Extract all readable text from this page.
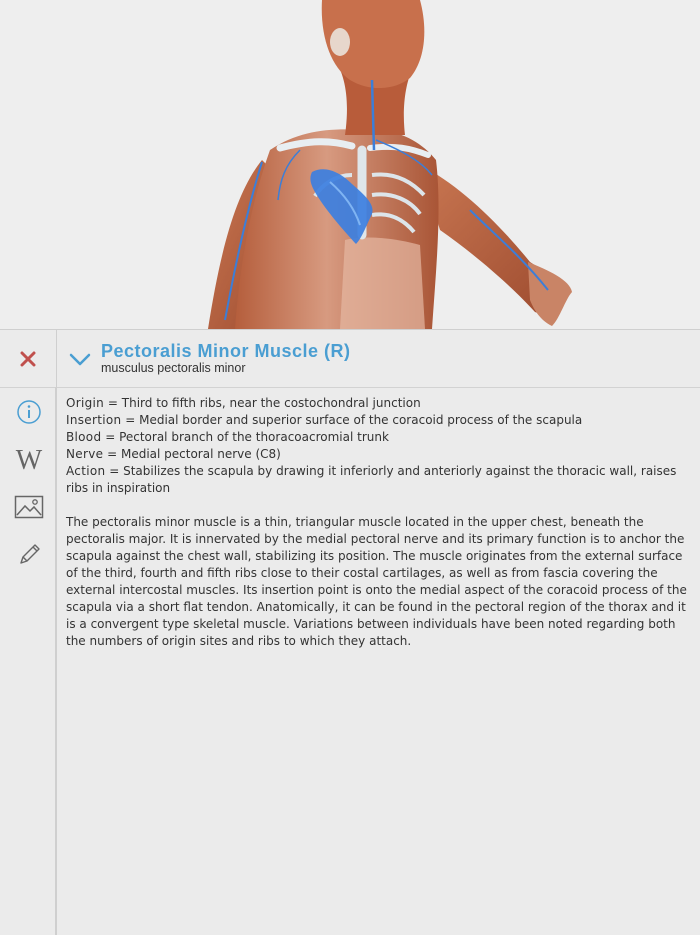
Pectoralis Minor Muscle (R)
musculus pectoralis minor
W

Origin = Third to fifth ribs, near the costochondral junction

Insertion = Medial border and superior surface of the coracoid process of the scapula

Blood = Pectoral branch of the thoracoacromial trunk

Nerve = Medial pectoral nerve (C8)

Action = Stabilizes the scapula by drawing it inferiorly and anteriorly against the thoracic wall, raises ribs in inspiration

The pectoralis minor muscle is a thin, triangular muscle located in the upper chest, beneath the pectoralis major. It is innervated by the medial pectoral nerve and its primary function is to anchor the scapula against the chest wall, stabilizing its position. The muscle originates from the external surface of the third, fourth and fifth ribs close to their costal cartilages, as well as from fascia covering the external intercostal muscles. Its insertion point is onto the medial aspect of the coracoid process of the scapula via a short flat tendon. Anatomically, it can be found in the pectoral region of the thorax and it is a convergent type skeletal muscle. Variations between individuals have been noted regarding both the numbers of origin sites and ribs to which they attach.
